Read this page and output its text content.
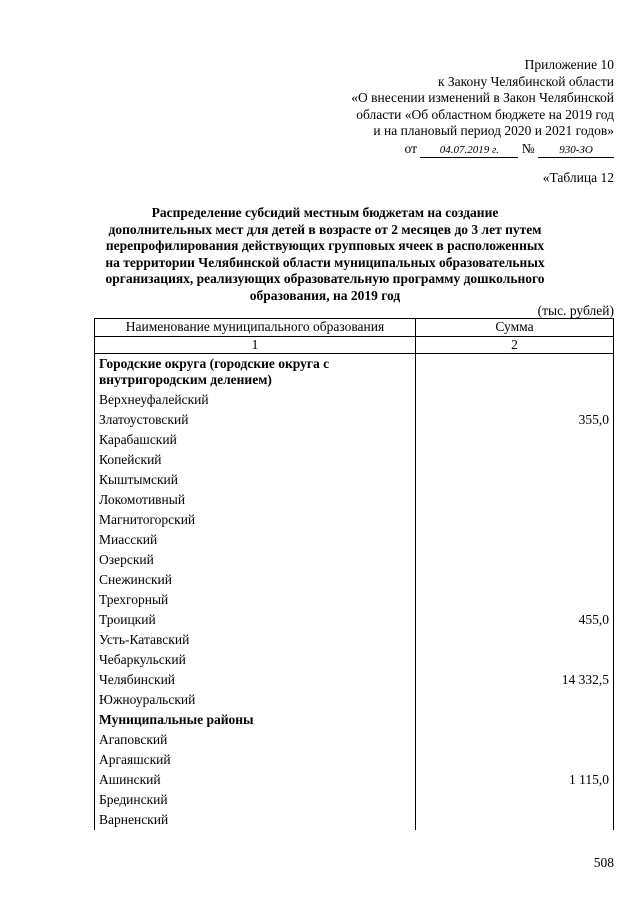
Приложение 10
к Закону Челябинской области
«О внесении изменений в Закон Челябинской
области «Об областном бюджете на 2019 год
и на плановый период 2020 и 2021 годов»
от 04.07.2019 г. № 930-ЗО
«Таблица 12
Распределение субсидий местным бюджетам на создание дополнительных мест для детей в возрасте от 2 месяцев до 3 лет путем перепрофилирования действующих групповых ячеек в расположенных на территории Челябинской области муниципальных образовательных организациях, реализующих образовательную программу дошкольного образования, на 2019 год
(тыс. рублей)
Наименование муниципального образования	Сумма
1	2
Городские округа (городские округа с внутригородским делением)	
Верхнеуфалейский	
Златоустовский	355,0
Карабашский	
Копейский	
Кыштымский	
Локомотивный	
Магнитогорский	
Миасский	
Озерский	
Снежинский	
Трехгорный	
Троицкий	455,0
Усть-Катавский	
Чебаркульский	
Челябинский	14 332,5
Южноуральский	
Муниципальные районы	
Агаповский	
Аргаяшский	
Ашинский	1 115,0
Брединский	
Варненский	
508
